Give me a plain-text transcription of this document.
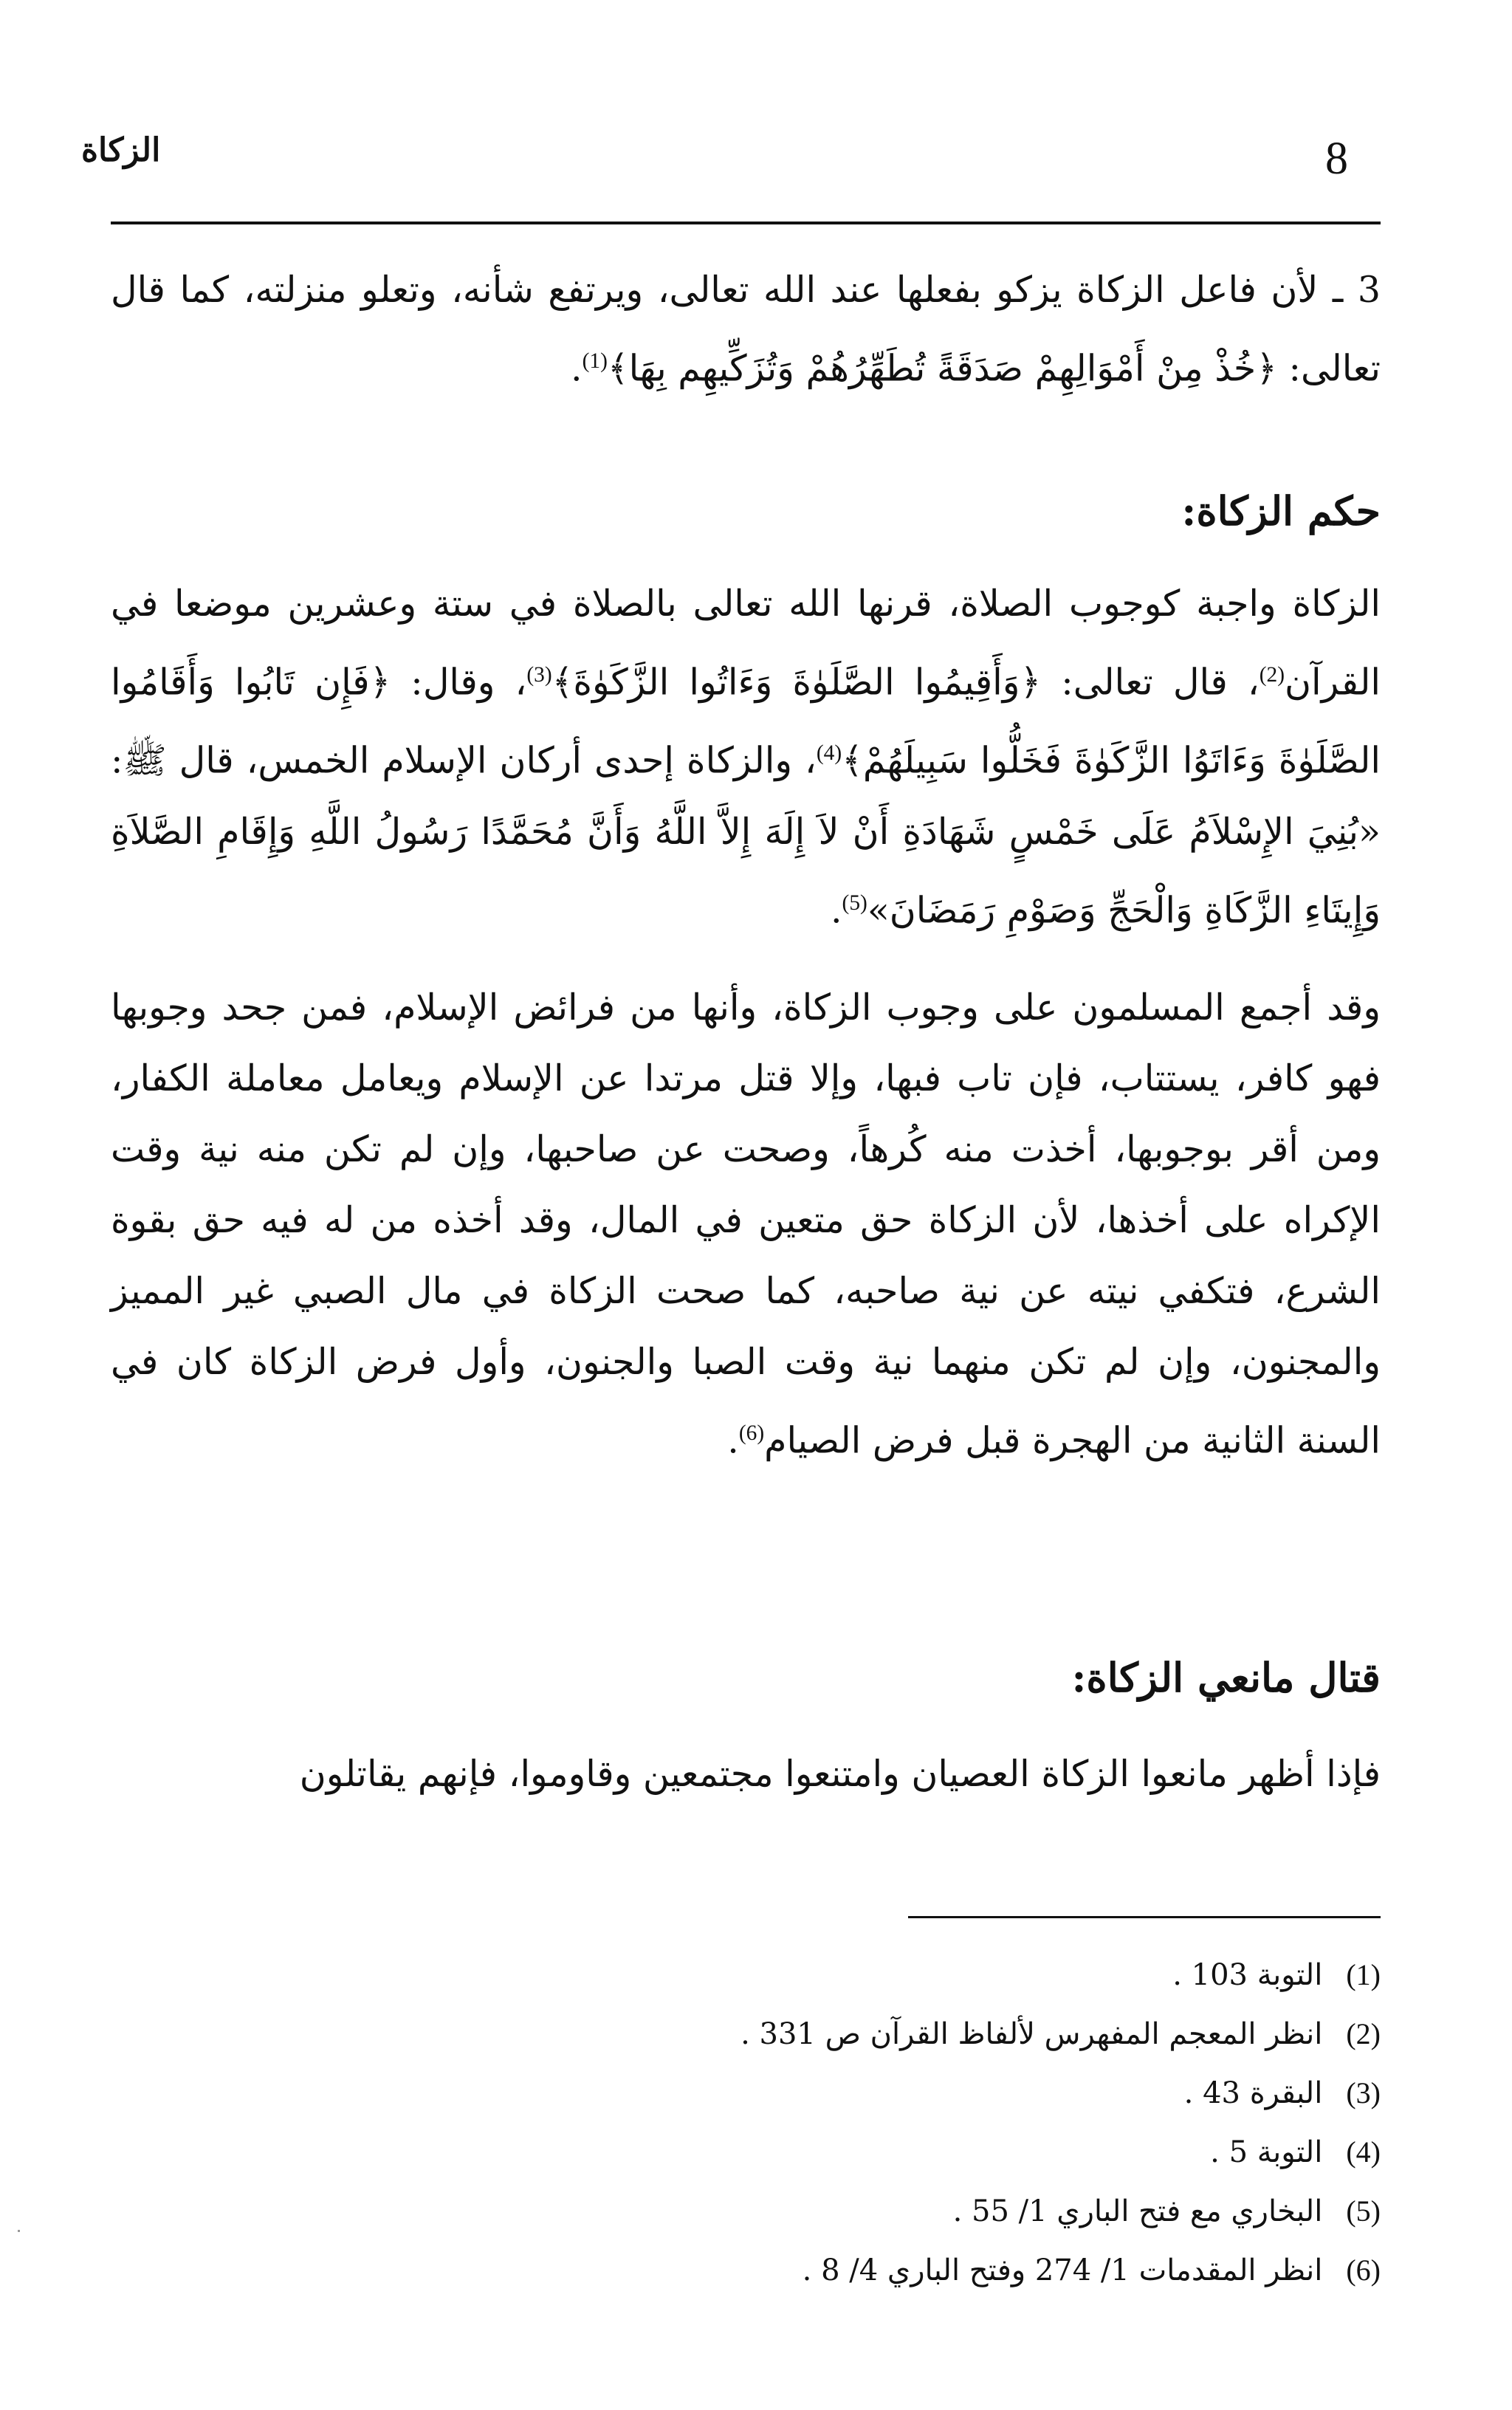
8
الزكاة

3 ـ لأن فاعل الزكاة يزكو بفعلها عند الله تعالى، ويرتفع شأنه، وتعلو منزلته، كما قال تعالى: ﴿خُذْ مِنْ أَمْوَالِهِمْ صَدَقَةً تُطَهِّرُهُمْ وَتُزَكِّيهِم بِهَا﴾$^{(1)}$.

حكم الزكاة:

الزكاة واجبة كوجوب الصلاة، قرنها الله تعالى بالصلاة في ستة وعشرين موضعا في القرآن$^{(2)}$، قال تعالى: ﴿وَأَقِيمُوا الصَّلَوٰةَ وَءَاتُوا الزَّكَوٰةَ﴾$^{(3)}$، وقال: ﴿فَإِن تَابُوا وَأَقَامُوا الصَّلَوٰةَ وَءَاتَوُا الزَّكَوٰةَ فَخَلُّوا سَبِيلَهُمْ﴾$^{(4)}$، والزكاة إحدى أركان الإسلام الخمس، قال ﷺ: «بُنِيَ الإِسْلاَمُ عَلَى خَمْسٍ شَهَادَةِ أَنْ لاَ إِلَهَ إِلاَّ اللَّهُ وَأَنَّ مُحَمَّدًا رَسُولُ اللَّهِ وَإِقَامِ الصَّلاَةِ وَإِيتَاءِ الزَّكَاةِ وَالْحَجِّ وَصَوْمِ رَمَضَانَ»$^{(5)}$.

وقد أجمع المسلمون على وجوب الزكاة، وأنها من فرائض الإسلام، فمن جحد وجوبها فهو كافر، يستتاب، فإن تاب فبها، وإلا قتل مرتدا عن الإسلام ويعامل معاملة الكفار، ومن أقر بوجوبها، أخذت منه كُرهاً، وصحت عن صاحبها، وإن لم تكن منه نية وقت الإكراه على أخذها، لأن الزكاة حق متعين في المال، وقد أخذه من له فيه حق بقوة الشرع، فتكفي نيته عن نية صاحبه، كما صحت الزكاة في مال الصبي غير المميز والمجنون، وإن لم تكن منهما نية وقت الصبا والجنون، وأول فرض الزكاة كان في السنة الثانية من الهجرة قبل فرض الصيام$^{(6)}$.

قتال مانعي الزكاة:

فإذا أظهر مانعوا الزكاة العصيان وامتنعوا مجتمعين وقاوموا، فإنهم يقاتلون

(1)
التوبة 103 .
(2)
انظر المعجم المفهرس لألفاظ القرآن ص 331 .
(3)
البقرة 43 .
(4)
التوبة 5 .
(5)
البخاري مع فتح الباري 1/ 55 .
(6)
انظر المقدمات 1/ 274 وفتح الباري 4/ 8 .
